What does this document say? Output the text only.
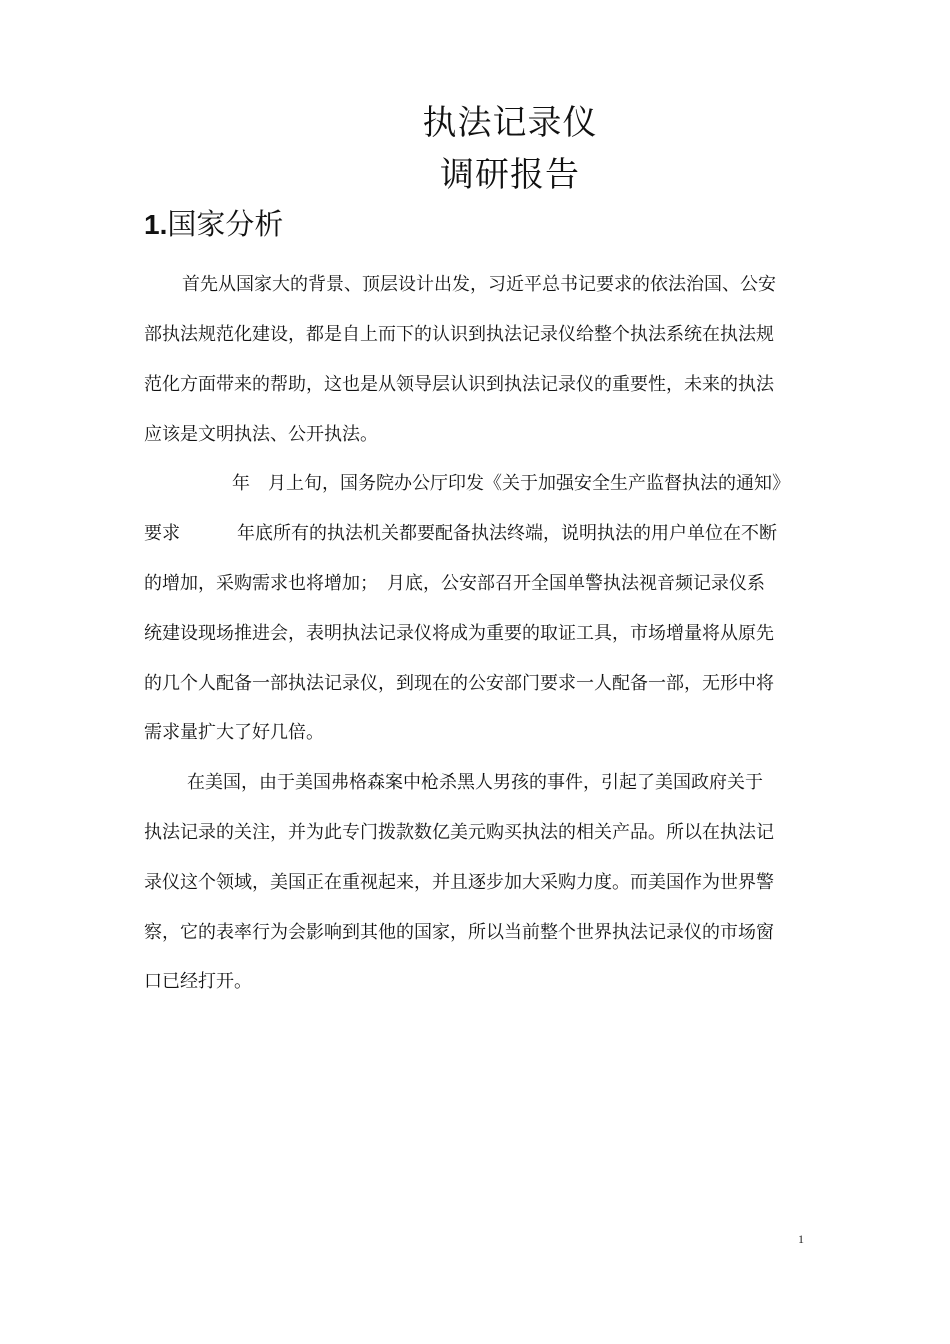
执法记录仪
调研报告
1.国家分析
首先从国家大的背景、顶层设计出发，习近平总书记要求的依法治国、公安
部执法规范化建设，都是自上而下的认识到执法记录仪给整个执法系统在执法规
范化方面带来的帮助，这也是从领导层认识到执法记录仪的重要性，未来的执法
应该是文明执法、公开执法。
年　月上旬，国务院办公厅印发《关于加强安全生产监督执法的通知》
要求	年底所有的执法机关都要配备执法终端，说明执法的用户单位在不断
的增加，采购需求也将增加；　月底，公安部召开全国单警执法视音频记录仪系
统建设现场推进会，表明执法记录仪将成为重要的取证工具，市场增量将从原先
的几个人配备一部执法记录仪，到现在的公安部门要求一人配备一部，无形中将
需求量扩大了好几倍。
在美国，由于美国弗格森案中枪杀黑人男孩的事件，引起了美国政府关于
执法记录的关注，并为此专门拨款数亿美元购买执法的相关产品。所以在执法记
录仪这个领域，美国正在重视起来，并且逐步加大采购力度。而美国作为世界警
察，它的表率行为会影响到其他的国家，所以当前整个世界执法记录仪的市场窗
口已经打开。
1
